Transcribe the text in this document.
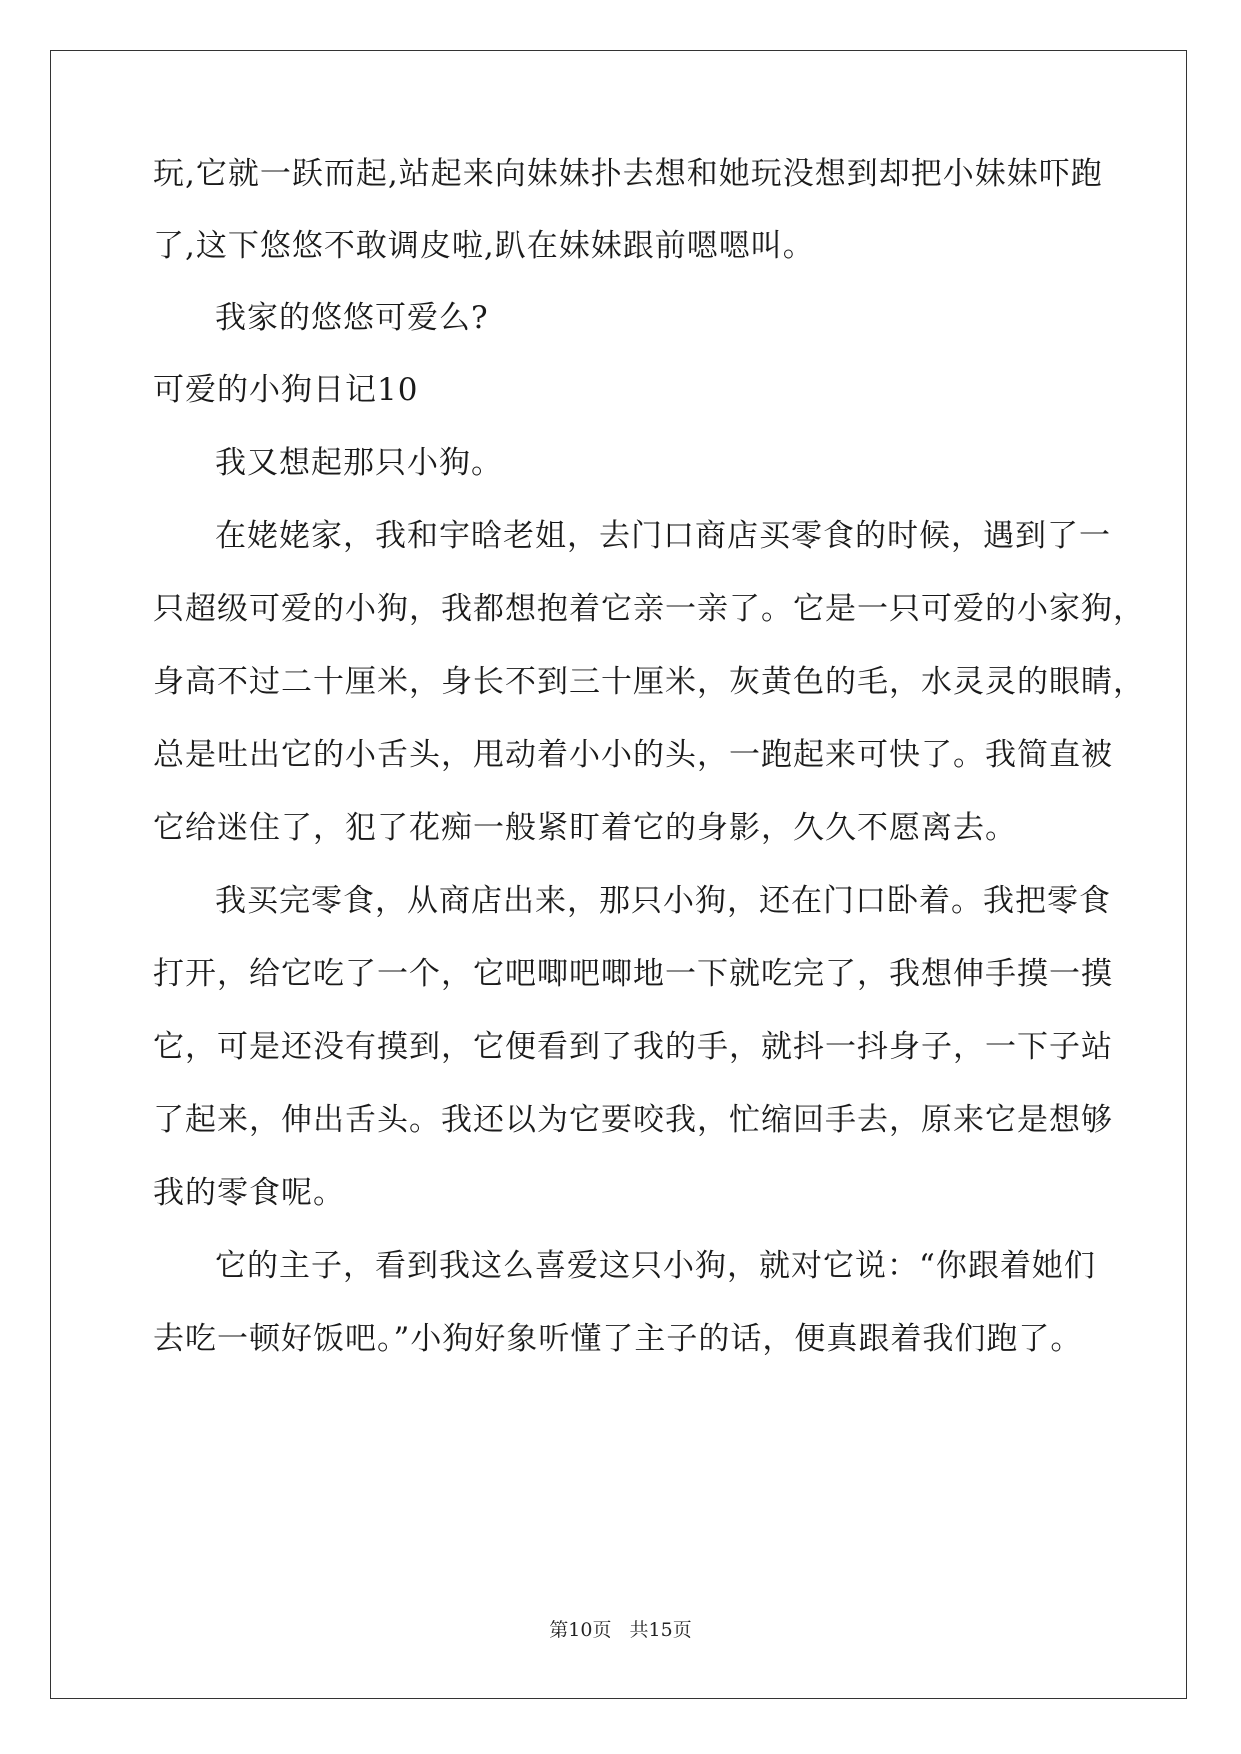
玩,它就一跃而起,站起来向妹妹扑去想和她玩没想到却把小妹妹吓跑
了,这下悠悠不敢调皮啦,趴在妹妹跟前嗯嗯叫。
我家的悠悠可爱么?
可爱的小狗日记10
我又想起那只小狗。
在姥姥家，我和宇晗老姐，去门口商店买零食的时候，遇到了一
只超级可爱的小狗，我都想抱着它亲一亲了。它是一只可爱的小家狗，
身高不过二十厘米，身长不到三十厘米，灰黄色的毛，水灵灵的眼睛，
总是吐出它的小舌头，甩动着小小的头，一跑起来可快了。我简直被
它给迷住了，犯了花痴一般紧盯着它的身影，久久不愿离去。
我买完零食，从商店出来，那只小狗，还在门口卧着。我把零食
打开，给它吃了一个，它吧唧吧唧地一下就吃完了，我想伸手摸一摸
它，可是还没有摸到，它便看到了我的手，就抖一抖身子，一下子站
了起来，伸出舌头。我还以为它要咬我，忙缩回手去，原来它是想够
我的零食呢。
它的主子，看到我这么喜爱这只小狗，就对它说：“你跟着她们
去吃一顿好饭吧。”小狗好象听懂了主子的话，便真跟着我们跑了。
第10页 共15页
